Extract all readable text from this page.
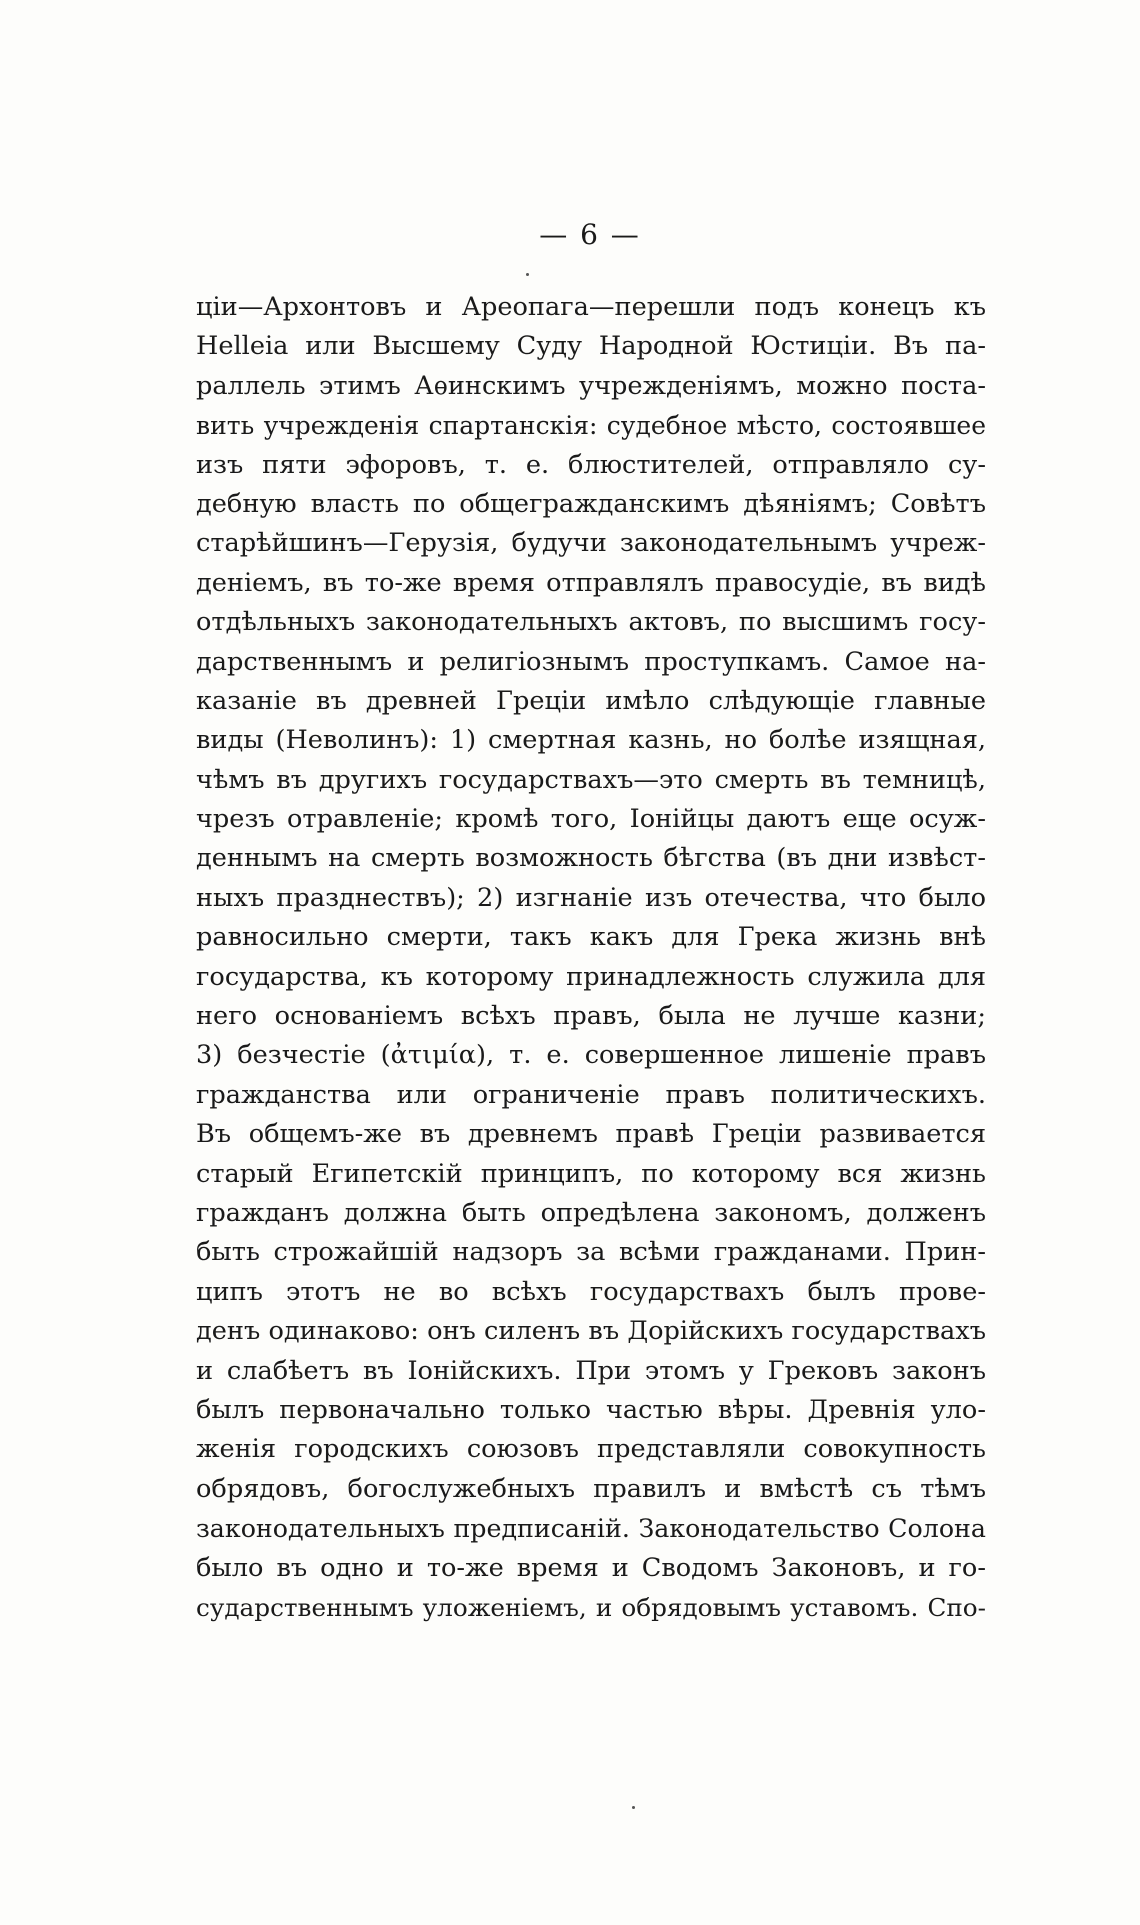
— 6 —
ціи—Архонтовъ и Ареопага—перешли подъ конецъ къ
Helleia или Высшему Суду Народной Юстиціи. Въ па-
раллель этимъ Аѳинскимъ учрежденіямъ, можно поста-
вить учрежденія спартанскія: судебное мѣсто, состоявшее
изъ пяти эфоровъ, т. е. блюстителей, отправляло су-
дебную власть по общегражданскимъ дѣяніямъ; Совѣтъ
старѣйшинъ—Герузія, будучи законодательнымъ учреж-
деніемъ, въ то-же время отправлялъ правосудіе, въ видѣ
отдѣльныхъ законодательныхъ актовъ, по высшимъ госу-
дарственнымъ и религіознымъ проступкамъ. Самое на-
казаніе въ древней Греціи имѣло слѣдующіе главные
виды (Неволинъ): 1) смертная казнь, но болѣе изящная,
чѣмъ въ другихъ государствахъ—это смерть въ темницѣ,
чрезъ отравленіе; кромѣ того, Іонійцы даютъ еще осуж-
деннымъ на смерть возможность бѣгства (въ дни извѣст-
ныхъ празднествъ); 2) изгнаніе изъ отечества, что было
равносильно смерти, такъ какъ для Грека жизнь внѣ
государства, къ которому принадлежность служила для
него основаніемъ всѣхъ правъ, была не лучше казни;
3) безчестіе (ἀτιμία), т. е. совершенное лишеніе правъ
гражданства или ограниченіе правъ политическихъ.
Въ общемъ-же въ древнемъ правѣ Греціи развивается
старый Египетскій принципъ, по которому вся жизнь
гражданъ должна быть опредѣлена закономъ, долженъ
быть строжайшій надзоръ за всѣми гражданами. Прин-
ципъ этотъ не во всѣхъ государствахъ былъ прове-
денъ одинаково: онъ силенъ въ Дорійскихъ государствахъ
и слабѣетъ въ Іонійскихъ. При этомъ у Грековъ законъ
былъ первоначально только частью вѣры. Древнія уло-
женія городскихъ союзовъ представляли совокупность
обрядовъ, богослужебныхъ правилъ и вмѣстѣ съ тѣмъ
законодательныхъ предписаній. Законодательство Солона
было въ одно и то-же время и Сводомъ Законовъ, и го-
сударственнымъ уложеніемъ, и обрядовымъ уставомъ. Спо-
